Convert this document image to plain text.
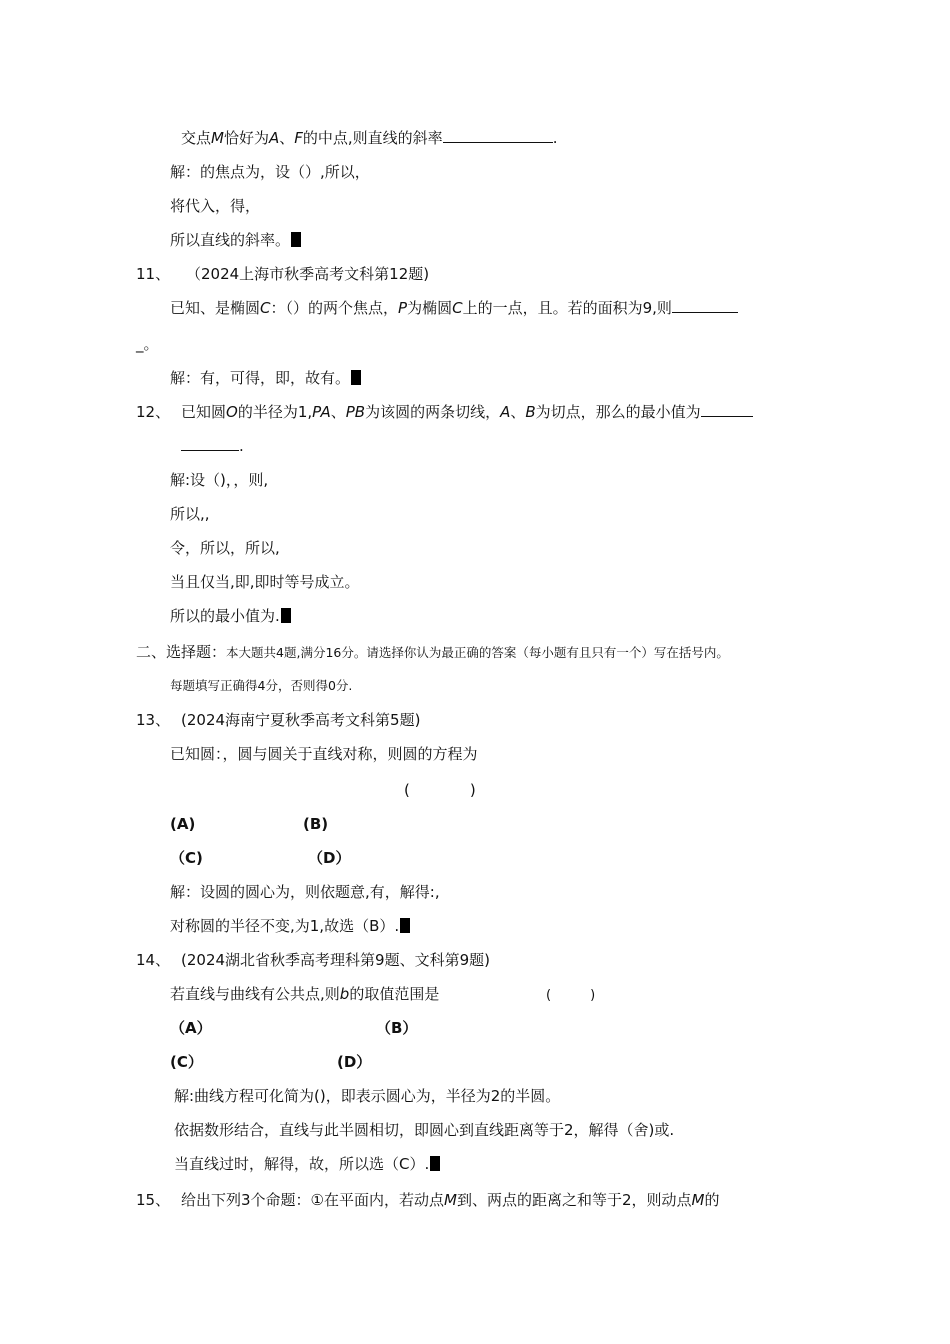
交点M恰好为A、F的中点,则直线的斜率	.
解：的焦点为，设（）,所以，
将代入，得，
所以直线的斜率。
11、 （2024上海市秋季高考文科第12题)
已知、是椭圆C：（）的两个焦点，P为椭圆C上的一点，且。若的面积为9,则
_。
解：有，可得，即，故有。
12、 已知圆O的半径为1,PA、PB为该圆的两条切线，A、B为切点，那么的最小值为
.
解:设（)，，则,
所以,,
令，所以，所以,
当且仅当,即,即时等号成立。
所以的最小值为.
二、选择题：本大题共4题,满分16分。请选择你认为最正确的答案（每小题有且只有一个）写在括号内。
每题填写正确得4分，否则得0分.
13、 (2024海南宁夏秋季高考文科第5题)
已知圆：，圆与圆关于直线对称，则圆的方程为
(　　　　)
(A)	(B)
（C)	（D）
解：设圆的圆心为，则依题意,有，解得:,
对称圆的半径不变,为1,故选（B）.
14、 (2024湖北省秋季高考理科第9题、文科第9题)
若直线与曲线有公共点,则b的取值范围是	(　　　)
（A）	（B）
(C）	(D）
解:曲线方程可化简为()，即表示圆心为，半径为2的半圆。
依据数形结合，直线与此半圆相切，即圆心到直线距离等于2，解得（舍)或.
当直线过时，解得，故，所以选（C）.
15、 给出下列3个命题：①在平面内，若动点M到、两点的距离之和等于2，则动点M的
